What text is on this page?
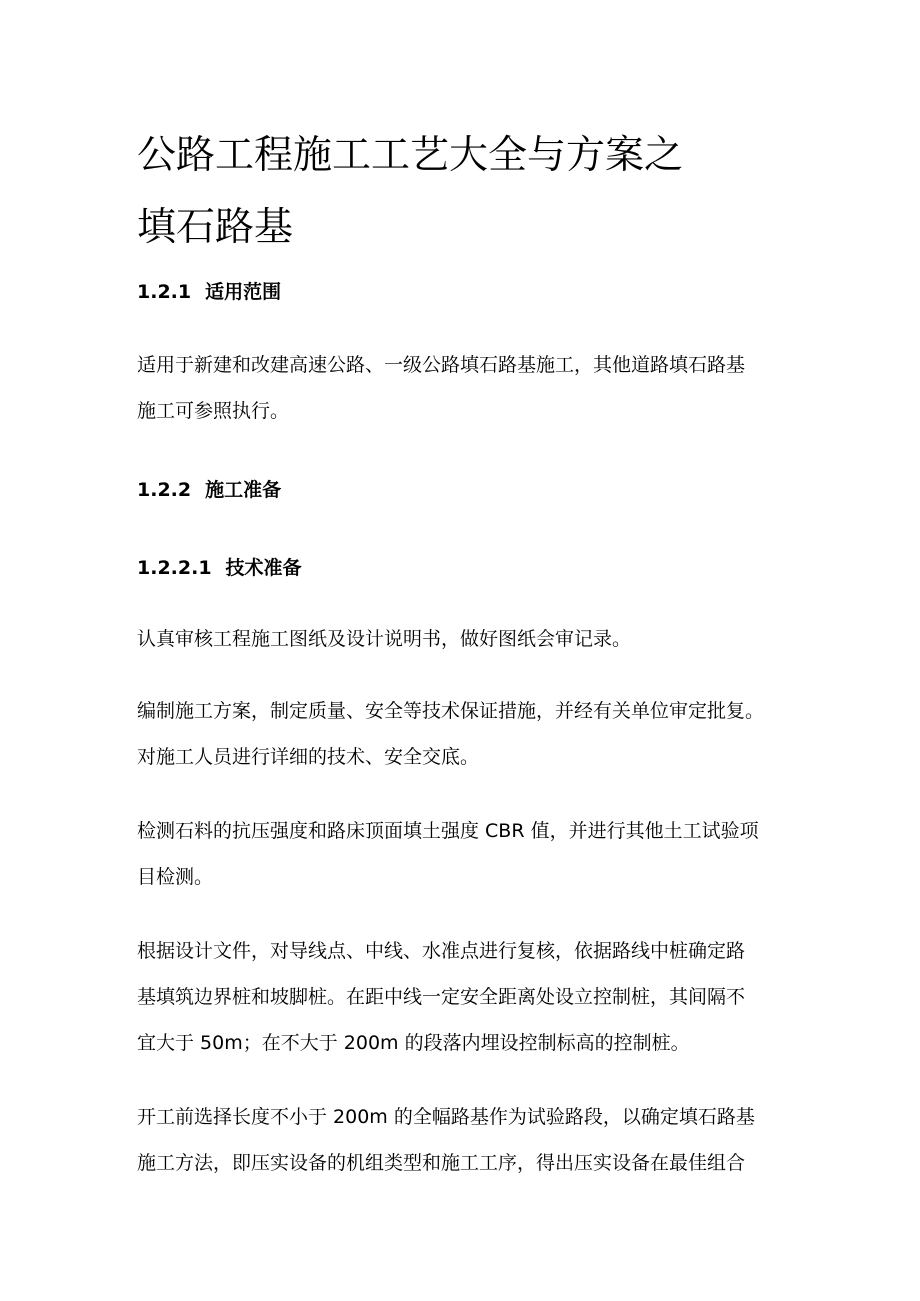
公路工程施工工艺大全与方案之
填石路基
1.2.1 适用范围

适用于新建和改建高速公路、一级公路填石路基施工，其他道路填石路基
施工可参照执行。

1.2.2 施工准备
1.2.2.1 技术准备

认真审核工程施工图纸及设计说明书，做好图纸会审记录。

编制施工方案，制定质量、安全等技术保证措施，并经有关单位审定批复。
对施工人员进行详细的技术、安全交底。

检测石料的抗压强度和路床顶面填土强度 CBR 值，并进行其他土工试验项
目检测。

根据设计文件，对导线点、中线、水准点进行复核，依据路线中桩确定路
基填筑边界桩和坡脚桩。在距中线一定安全距离处设立控制桩，其间隔不
宜大于 50m；在不大于 200m 的段落内埋设控制标高的控制桩。

开工前选择长度不小于 200m 的全幅路基作为试验路段，以确定填石路基
施工方法，即压实设备的机组类型和施工工序，得出压实设备在最佳组合
